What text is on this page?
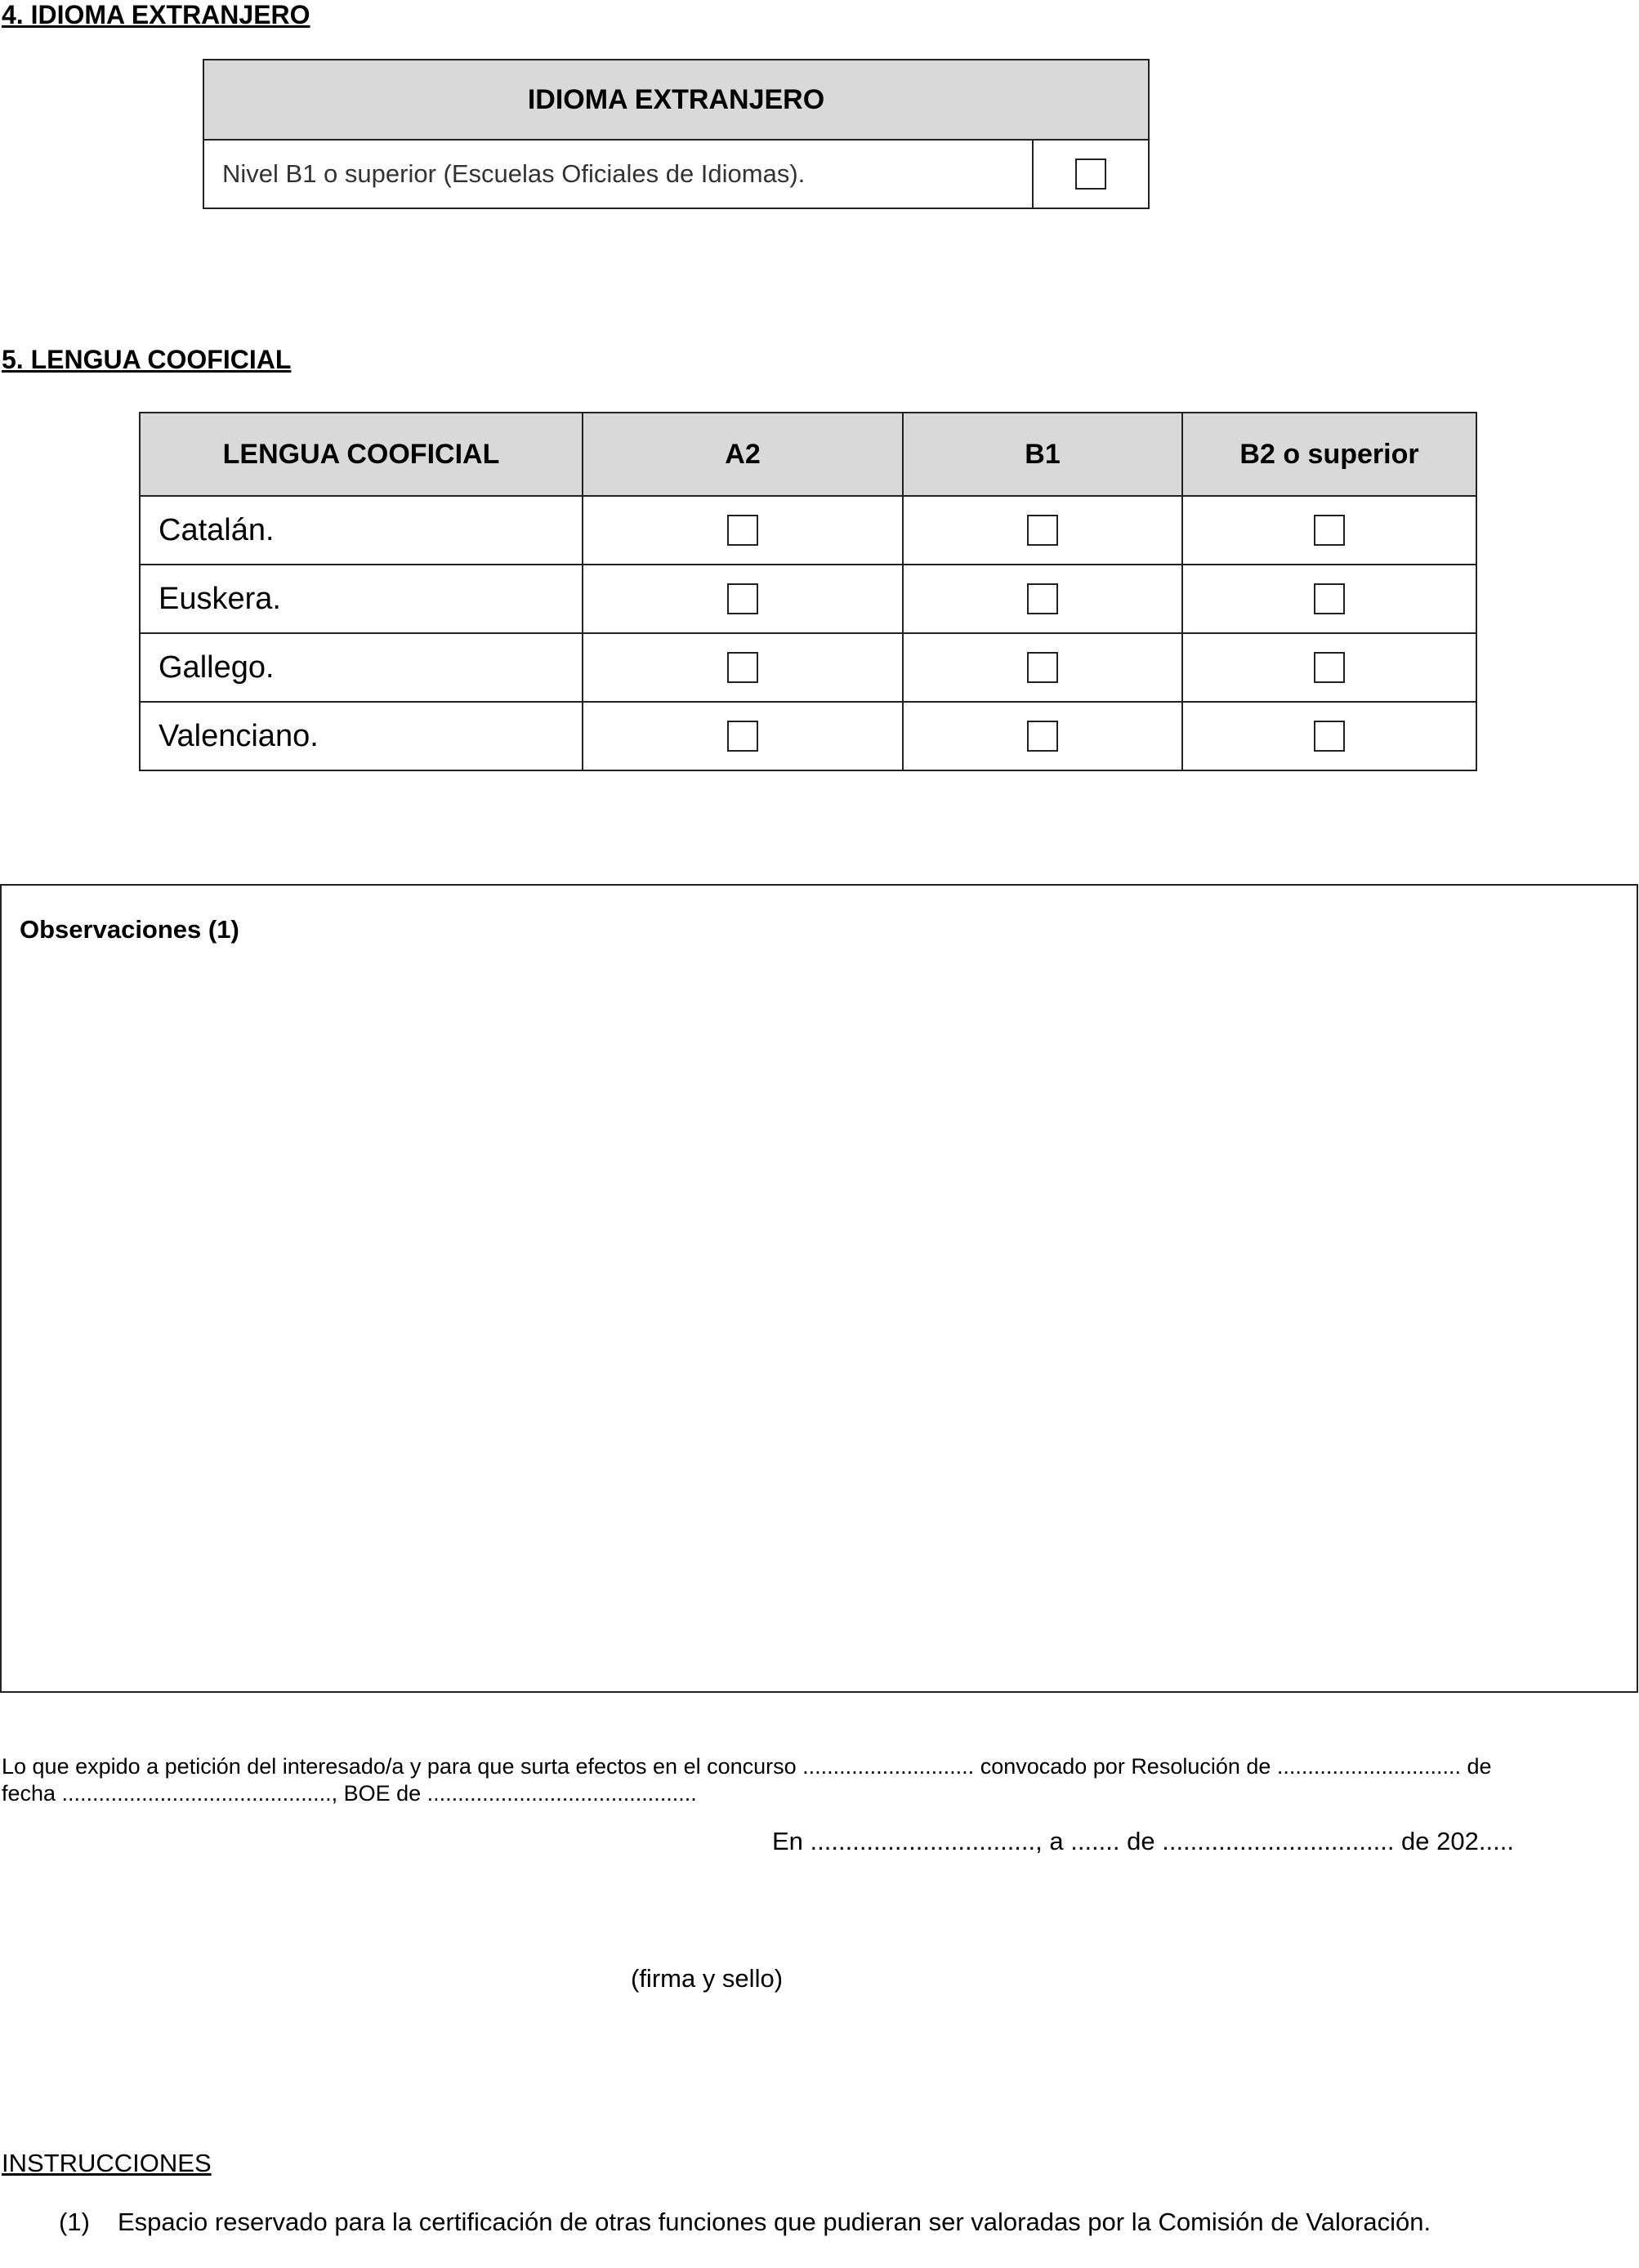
4. IDIOMA EXTRANJERO
IDIOMA EXTRANJERO
Nivel B1 o superior (Escuelas Oficiales de Idiomas).	
5. LENGUA COOFICIAL
LENGUA COOFICIAL	A2	B1	B2 o superior
Catalán.			
Euskera.			
Gallego.			
Valenciano.			
Observaciones (1)
Lo que expido a petición del interesado/a y para que surta efectos en el concurso ............................ convocado por Resolución de .............................. de
fecha ............................................, BOE de ............................................
En ................................, a ....... de ................................. de 202.....
(firma y sello)
INSTRUCCIONES
(1) Espacio reservado para la certificación de otras funciones que pudieran ser valoradas por la Comisión de Valoración.
